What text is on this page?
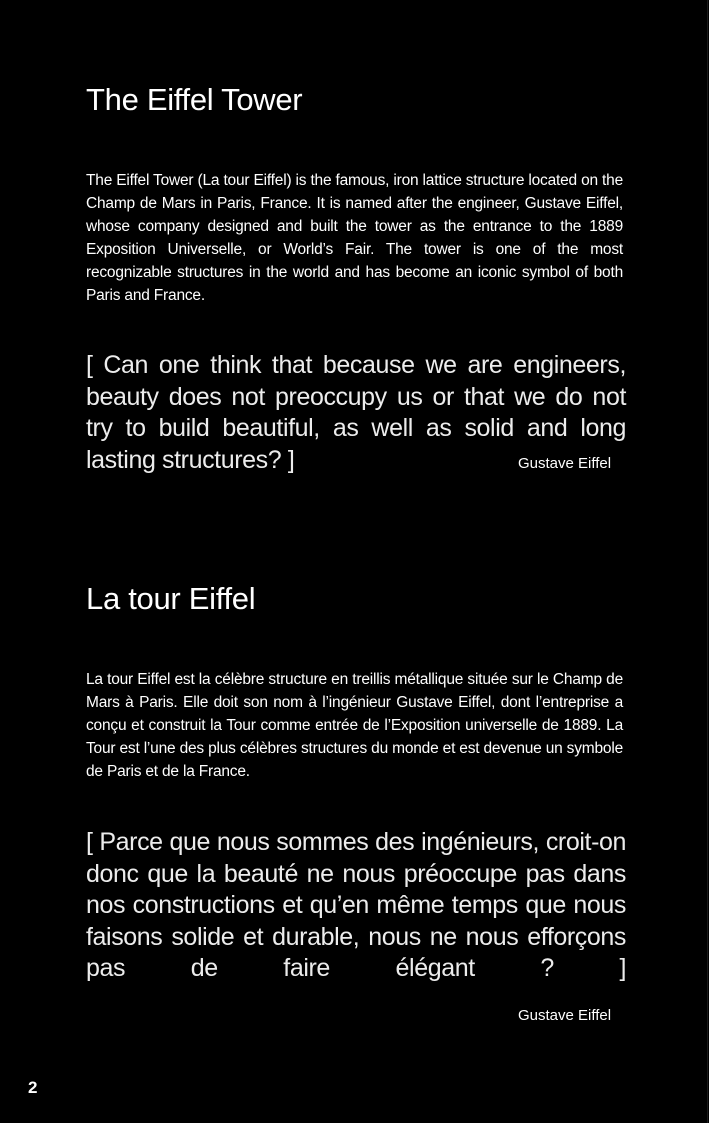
The Eiffel Tower

The Eiffel Tower (La tour Eiffel) is the famous, iron lattice structure located on the Champ de Mars in Paris, France. It is named after the engineer, Gustave Eiffel, whose company designed and built the tower as the entrance to the 1889 Exposition Universelle, or World’s Fair. The tower is one of the most recognizable structures in the world and has become an iconic symbol of both Paris and France.

[ Can one think that because we are engineers, beauty does not preoccupy us or that we do not try to build beautiful, as well as solid and long lasting structures? ]	Gustave Eiffel
La tour Eiffel

La tour Eiffel est la célèbre structure en treillis métallique située sur le Champ de Mars à Paris. Elle doit son nom à l’ingénieur Gustave Eiffel, dont l’entreprise a conçu et construit la Tour comme entrée de l’Exposition universelle de 1889. La Tour est l’une des plus célèbres structures du monde et est devenue un symbole de Paris et de la France.

[ Parce que nous sommes des ingénieurs, croit-on donc que la beauté ne nous préoccupe pas dans nos constructions et qu’en même temps que nous faisons solide et durable, nous ne nous efforçons pas de faire élégant ? ]

Gustave Eiffel
2
